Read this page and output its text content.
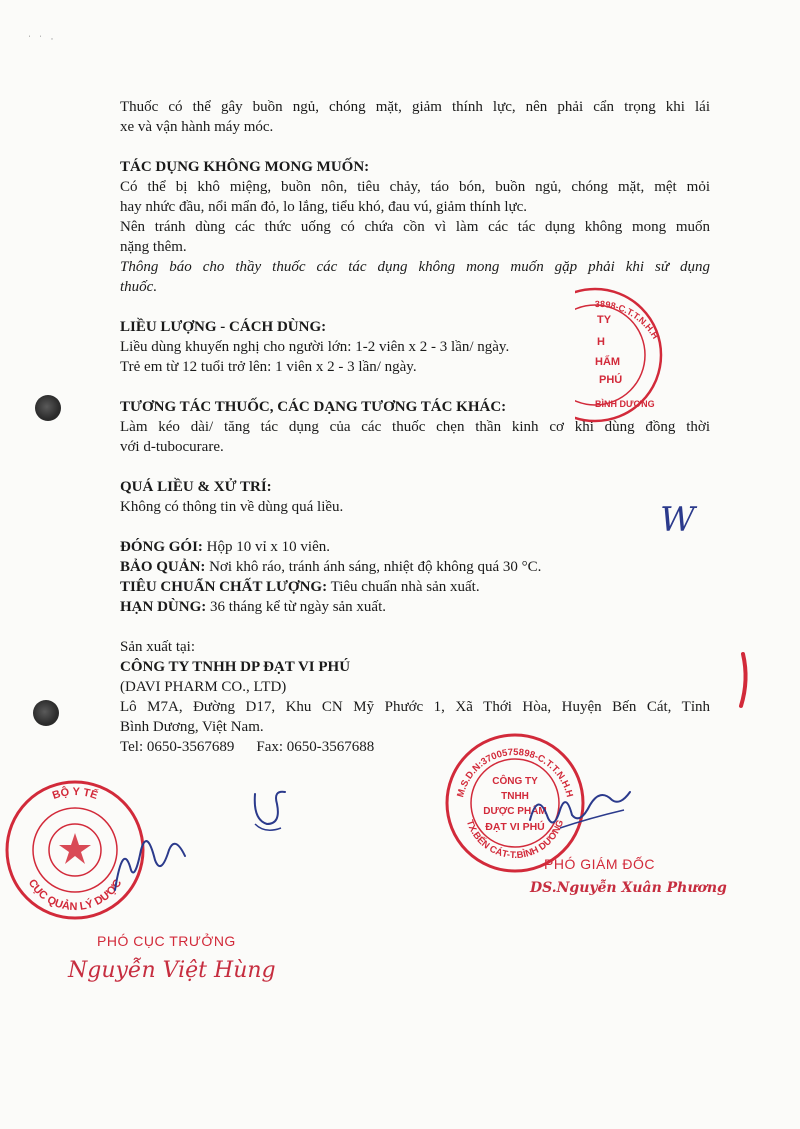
ˈ ˈ ·

Thuốc có thể gây buồn ngủ, chóng mặt, giảm thính lực, nên phải cẩn trọng khi lái

xe và vận hành máy móc.

TÁC DỤNG KHÔNG MONG MUỐN:

Có thể bị khô miệng, buồn nôn, tiêu chảy, táo bón, buồn ngủ, chóng mặt, mệt mỏi

hay nhức đầu, nổi mẩn đỏ, lo lắng, tiểu khó, đau vú, giảm thính lực.

Nên tránh dùng các thức uống có chứa cồn vì làm các tác dụng không mong muốn

nặng thêm.

Thông báo cho thầy thuốc các tác dụng không mong muốn gặp phải khi sử dụng

thuốc.

LIỀU LƯỢNG - CÁCH DÙNG:

Liều dùng khuyến nghị cho người lớn: 1-2 viên x 2 - 3 lần/ ngày.

Trẻ em từ 12 tuổi trở lên: 1 viên x 2 - 3 lần/ ngày.

TƯƠNG TÁC THUỐC, CÁC DẠNG TƯƠNG TÁC KHÁC:

Làm kéo dài/ tăng tác dụng của các thuốc chẹn thần kinh cơ khi dùng đồng thời

với d-tubocurare.

QUÁ LIỀU & XỬ TRÍ:

Không có thông tin về dùng quá liều.

ĐÓNG GÓI: Hộp 10 vỉ x 10 viên.

BẢO QUẢN: Nơi khô ráo, tránh ánh sáng, nhiệt độ không quá 30 °C.

TIÊU CHUẨN CHẤT LƯỢNG: Tiêu chuẩn nhà sản xuất.

HẠN DÙNG: 36 tháng kể từ ngày sản xuất.

Sản xuất tại:

CÔNG TY TNHH DP ĐẠT VI PHÚ

(DAVI PHARM CO., LTD)

Lô M7A, Đường D17, Khu CN Mỹ Phước 1, Xã Thới Hòa, Huyện Bến Cát, Tỉnh

Bình Dương, Việt Nam.

Tel: 0650-3567689 Fax: 0650-3567688

W
3898-C.T.T.N.H.H
TY
H
HẨM
PHÚ
BÌNH DƯƠNG
M.S.D.N:3700575898-C.T.T.N.H.H
TX.BẾN CÁT-T.BÌNH DƯƠNG
CÔNG TY
TNHH
DƯỢC PHẨM
ĐẠT VI PHÚ
PHÓ GIÁM ĐỐC
DS.Nguyễn Xuân Phương
BỘ Y TẾ
CỤC QUẢN LÝ DƯỢC
PHÓ CỤC TRƯỞNG
Nguyễn Việt Hùng
